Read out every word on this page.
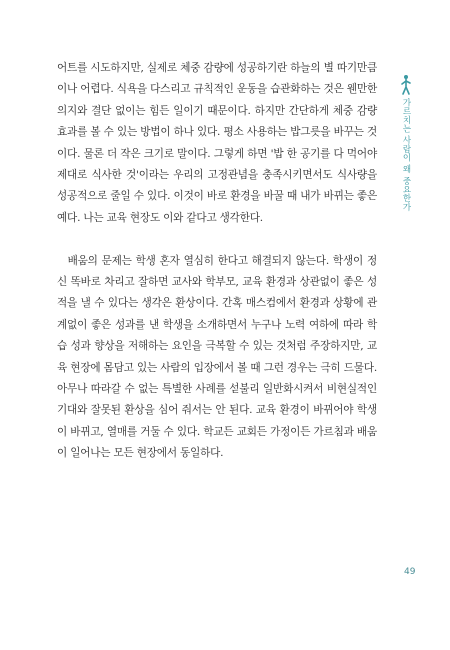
어트를 시도하지만, 실제로 체중 감량에 성공하기란 하늘의 별 따기만큼이나 어렵다. 식욕을 다스리고 규칙적인 운동을 습관화하는 것은 웬만한 의지와 결단 없이는 힘든 일이기 때문이다. 하지만 간단하게 체중 감량 효과를 볼 수 있는 방법이 하나 있다. 평소 사용하는 밥그릇을 바꾸는 것이다. 물론 더 작은 크기로 말이다. 그렇게 하면 '밥 한 공기를 다 먹어야 제대로 식사한 것'이라는 우리의 고정관념을 충족시키면서도 식사량을 성공적으로 줄일 수 있다. 이것이 바로 환경을 바꿀 때 내가 바뀌는 좋은 예다. 나는 교육 현장도 이와 같다고 생각한다.

배움의 문제는 학생 혼자 열심히 한다고 해결되지 않는다. 학생이 정신 똑바로 차리고 잘하면 교사와 학부모, 교육 환경과 상관없이 좋은 성적을 낼 수 있다는 생각은 환상이다. 간혹 매스컴에서 환경과 상황에 관계없이 좋은 성과를 낸 학생을 소개하면서 누구나 노력 여하에 따라 학습 성과 향상을 저해하는 요인을 극복할 수 있는 것처럼 주장하지만, 교육 현장에 몸담고 있는 사람의 입장에서 볼 때 그런 경우는 극히 드물다. 아무나 따라갈 수 없는 특별한 사례를 섣불리 일반화시켜서 비현실적인 기대와 잘못된 환상을 심어 줘서는 안 된다. 교육 환경이 바뀌어야 학생이 바뀌고, 열매를 거둘 수 있다. 학교든 교회든 가정이든 가르침과 배움이 일어나는 모든 현장에서 동일하다.

가르치는 사람이 왜 중요한가
49
